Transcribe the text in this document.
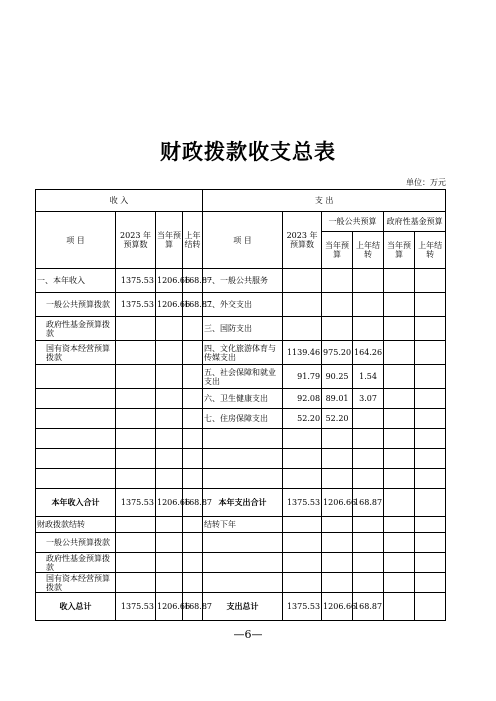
财政拨款收支总表
单位：万元
收 入				支 出					
项 目	2023 年预算数	当年预算	上年结转	项 目	2023 年预算数	一般公共预算		政府性基金预算	
						当年预算	上年结转	当年预算	上年结转
一、本年收入	1375.53	1206.66	168.87	一、一般公共服务					
一般公共预算拨款	1375.53	1206.66	168.87	二、外交支出					
政府性基金预算拨款				三、国防支出					
国有资本经营预算拨款				四、文化旅游体育与传媒支出	1139.46	975.20	164.26		
				五、社会保障和就业支出	91.79	90.25	1.54		
				六、卫生健康支出	92.08	89.01	3.07		
				七、住房保障支出	52.20	52.20			

本年收入合计	1375.53	1206.66	168.87	本年支出合计	1375.53	1206.66	168.87		
财政拨款结转				结转下年					
一般公共预算拨款									
政府性基金预算拨款									
国有资本经营预算拨款									
收入总计	1375.53	1206.66	168.87	支出总计	1375.53	1206.66	168.87		
—6—
